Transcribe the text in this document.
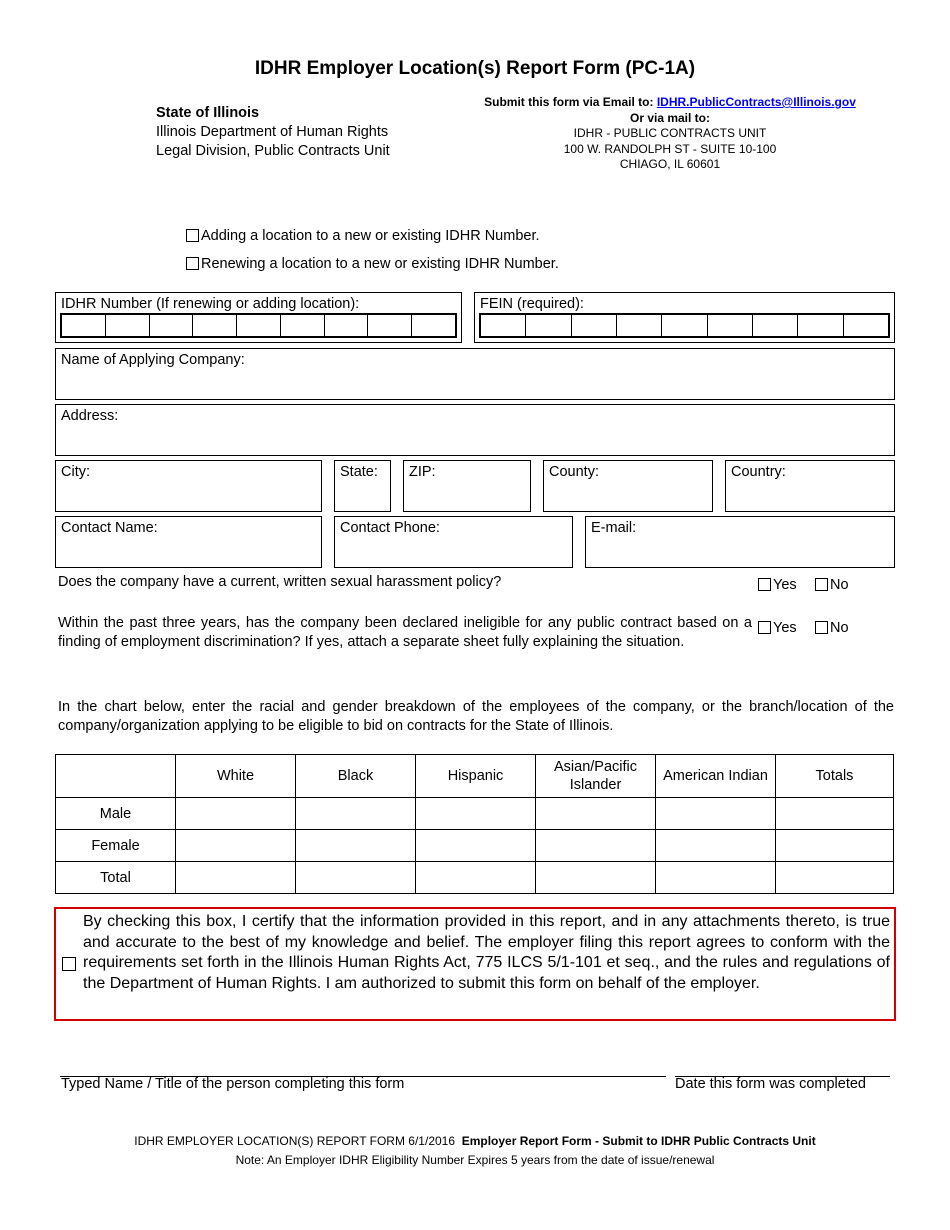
IDHR Employer Location(s) Report Form (PC-1A)
State of Illinois
Illinois Department of Human Rights
Legal Division, Public Contracts Unit
Submit this form via Email to: IDHR.PublicContracts@Illinois.gov
Or via mail to:
IDHR - PUBLIC CONTRACTS UNIT
100 W. RANDOLPH ST - SUITE 10-100
CHIAGO, IL 60601
Adding a location to a new or existing IDHR Number.
Renewing a location to a new or existing IDHR Number.
IDHR Number (If renewing or adding location):	FEIN (required):
Name of Applying Company:
Address:
City:	State:	ZIP:	County:	Country:
Contact Name:	Contact Phone:	E-mail:
Does the company have a current, written sexual harassment policy?	Yes	No
Within the past three years, has the company been declared ineligible for any public contract based on a finding of employment discrimination? If yes, attach a separate sheet fully explaining the situation.
Yes	No
In the chart below, enter the racial and gender breakdown of the employees of the company, or the branch/location of the company/organization applying to be eligible to bid on contracts for the State of Illinois.
	White	Black	Hispanic	Asian/Pacific
Islander	American Indian	Totals
Male						
Female						
Total						
By checking this box, I certify that the information provided in this report, and in any attachments thereto, is true and accurate to the best of my knowledge and belief. The employer filing this report agrees to conform with the requirements set forth in the Illinois Human Rights Act, 775 ILCS 5/1-101 et seq., and the rules and regulations of the Department of Human Rights. I am authorized to submit this form on behalf of the employer.
Typed Name / Title of the person completing this form	Date this form was completed
IDHR EMPLOYER LOCATION(S) REPORT FORM 6/1/2016 Employer Report Form - Submit to IDHR Public Contracts Unit
Note: An Employer IDHR Eligibility Number Expires 5 years from the date of issue/renewal
